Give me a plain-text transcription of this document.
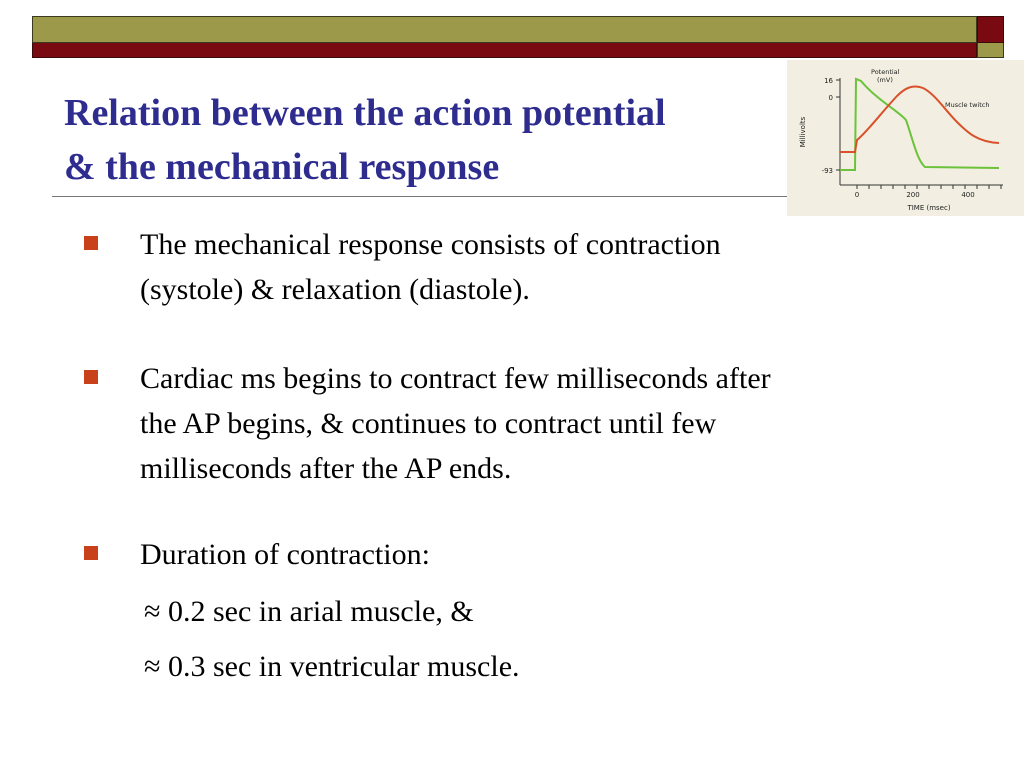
Relation between the action potential
& the mechanical response
16
0
-93
0	200	400
TIME (msec)
Millivolts
Potential
(mV)
Muscle twitch
The mechanical response consists of contraction
(systole) & relaxation (diastole).
Cardiac ms begins to contract few milliseconds after
the AP begins, & continues to contract until few
milliseconds after the AP ends.
Duration of contraction:
≈ 0.2 sec in arial muscle, &
≈ 0.3 sec in ventricular muscle.
